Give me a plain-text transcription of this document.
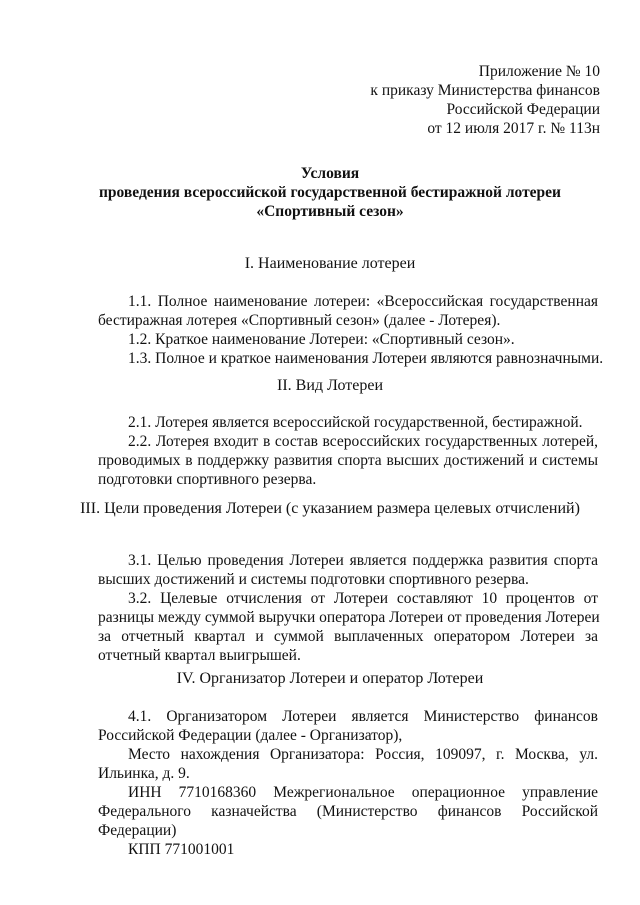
Приложение № 10
к приказу Министерства финансов
Российской Федерации
от 12 июля 2017 г. № 113н
Условия
проведения всероссийской государственной бестиражной лотереи
«Спортивный сезон»
I. Наименование лотереи
1.1. Полное наименование лотереи: «Всероссийская государственная
бестиражная лотерея «Спортивный сезон» (далее - Лотерея).
1.2. Краткое наименование Лотереи: «Спортивный сезон».
1.3. Полное и краткое наименования Лотереи являются равнозначными.
II. Вид Лотереи
2.1. Лотерея является всероссийской государственной, бестиражной.
2.2. Лотерея входит в состав всероссийских государственных лотерей,
проводимых в поддержку развития спорта высших достижений и системы
подготовки спортивного резерва.
III. Цели проведения Лотереи (с указанием размера целевых отчислений)
3.1. Целью проведения Лотереи является поддержка развития спорта
высших достижений и системы подготовки спортивного резерва.
3.2. Целевые отчисления от Лотереи составляют 10 процентов от
разницы между суммой выручки оператора Лотереи от проведения Лотереи
за отчетный квартал и суммой выплаченных оператором Лотереи за
отчетный квартал выигрышей.
IV. Организатор Лотереи и оператор Лотереи
4.1. Организатором Лотереи является Министерство финансов
Российской Федерации (далее - Организатор),
Место нахождения Организатора: Россия, 109097, г. Москва, ул.
Ильинка, д. 9.
ИНН 7710168360 Межрегиональное операционное управление
Федерального казначейства (Министерство финансов Российской
Федерации)
КПП 771001001
